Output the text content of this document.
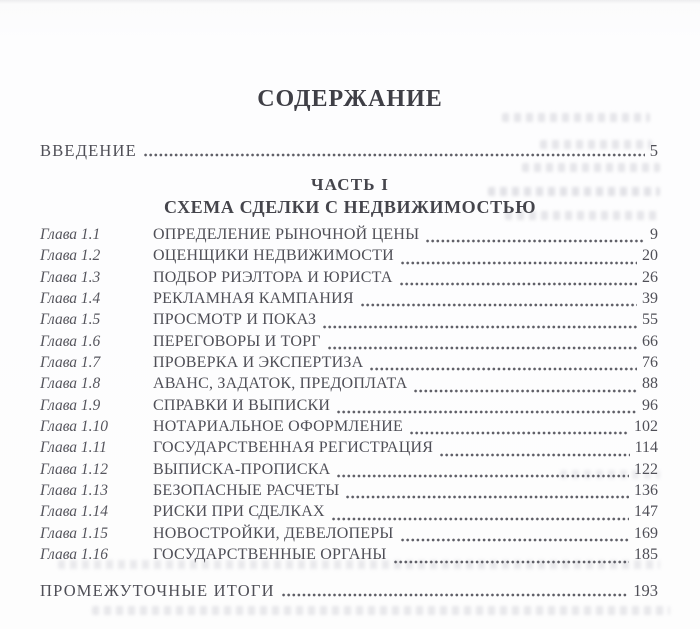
СОДЕРЖАНИЕ
ВВЕДЕНИЕ	5
ЧАСТЬ I
СХЕМА СДЕЛКИ С НЕДВИЖИМОСТЬЮ
Глава 1.1	ОПРЕДЕЛЕНИЕ РЫНОЧНОЙ ЦЕНЫ	9
Глава 1.2	ОЦЕНЩИКИ НЕДВИЖИМОСТИ	20
Глава 1.3	ПОДБОР РИЭЛТОРА И ЮРИСТА	26
Глава 1.4	РЕКЛАМНАЯ КАМПАНИЯ	39
Глава 1.5	ПРОСМОТР И ПОКАЗ	55
Глава 1.6	ПЕРЕГОВОРЫ И ТОРГ	66
Глава 1.7	ПРОВЕРКА И ЭКСПЕРТИЗА	76
Глава 1.8	АВАНС, ЗАДАТОК, ПРЕДОПЛАТА	88
Глава 1.9	СПРАВКИ И ВЫПИСКИ	96
Глава 1.10	НОТАРИАЛЬНОЕ ОФОРМЛЕНИЕ	102
Глава 1.11	ГОСУДАРСТВЕННАЯ РЕГИСТРАЦИЯ	114
Глава 1.12	ВЫПИСКА-ПРОПИСКА	122
Глава 1.13	БЕЗОПАСНЫЕ РАСЧЕТЫ	136
Глава 1.14	РИСКИ ПРИ СДЕЛКАХ	147
Глава 1.15	НОВОСТРОЙКИ, ДЕВЕЛОПЕРЫ	169
Глава 1.16	ГОСУДАРСТВЕННЫЕ ОРГАНЫ	185
ПРОМЕЖУТОЧНЫЕ ИТОГИ	193
